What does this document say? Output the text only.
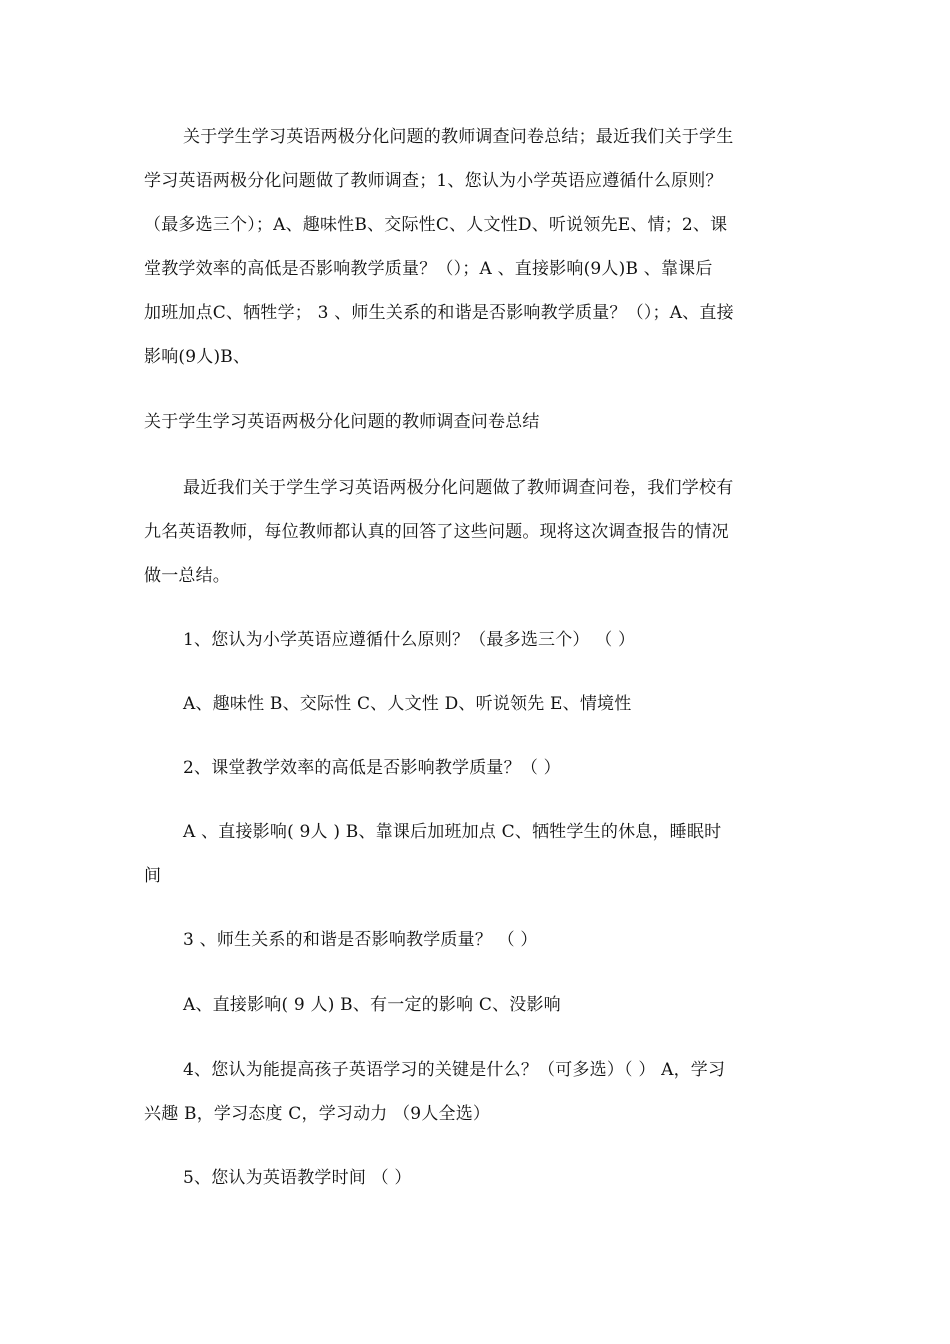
关于学生学习英语两极分化问题的教师调查问卷总结；最近我们关于学生
学习英语两极分化问题做了教师调查；1、您认为小学英语应遵循什么原则？
（最多选三个）；A、趣味性B、交际性C、人文性D、听说领先E、情；2、课
堂教学效率的高低是否影响教学质量？（）；A 、直接影响(9人)B 、靠课后
加班加点C、牺牲学； 3 、师生关系的和谐是否影响教学质量？（）；A、直接
影响(9人)B、
关于学生学习英语两极分化问题的教师调查问卷总结
最近我们关于学生学习英语两极分化问题做了教师调查问卷，我们学校有
九名英语教师，每位教师都认真的回答了这些问题。现将这次调查报告的情况
做一总结。
1、您认为小学英语应遵循什么原则？（最多选三个） （ ）
A、趣味性 B、交际性 C、人文性 D、听说领先 E、情境性
2、课堂教学效率的高低是否影响教学质量？（ ）
A 、直接影响( 9人 ) B、靠课后加班加点 C、牺牲学生的休息，睡眠时
间
3 、师生关系的和谐是否影响教学质量？ （ ）
A、直接影响( 9 人) B、有一定的影响 C、没影响
4、您认为能提高孩子英语学习的关键是什么？（可多选）（ ） A，学习
兴趣 B，学习态度 C，学习动力 （9人全选）
5、您认为英语教学时间 （ ）
